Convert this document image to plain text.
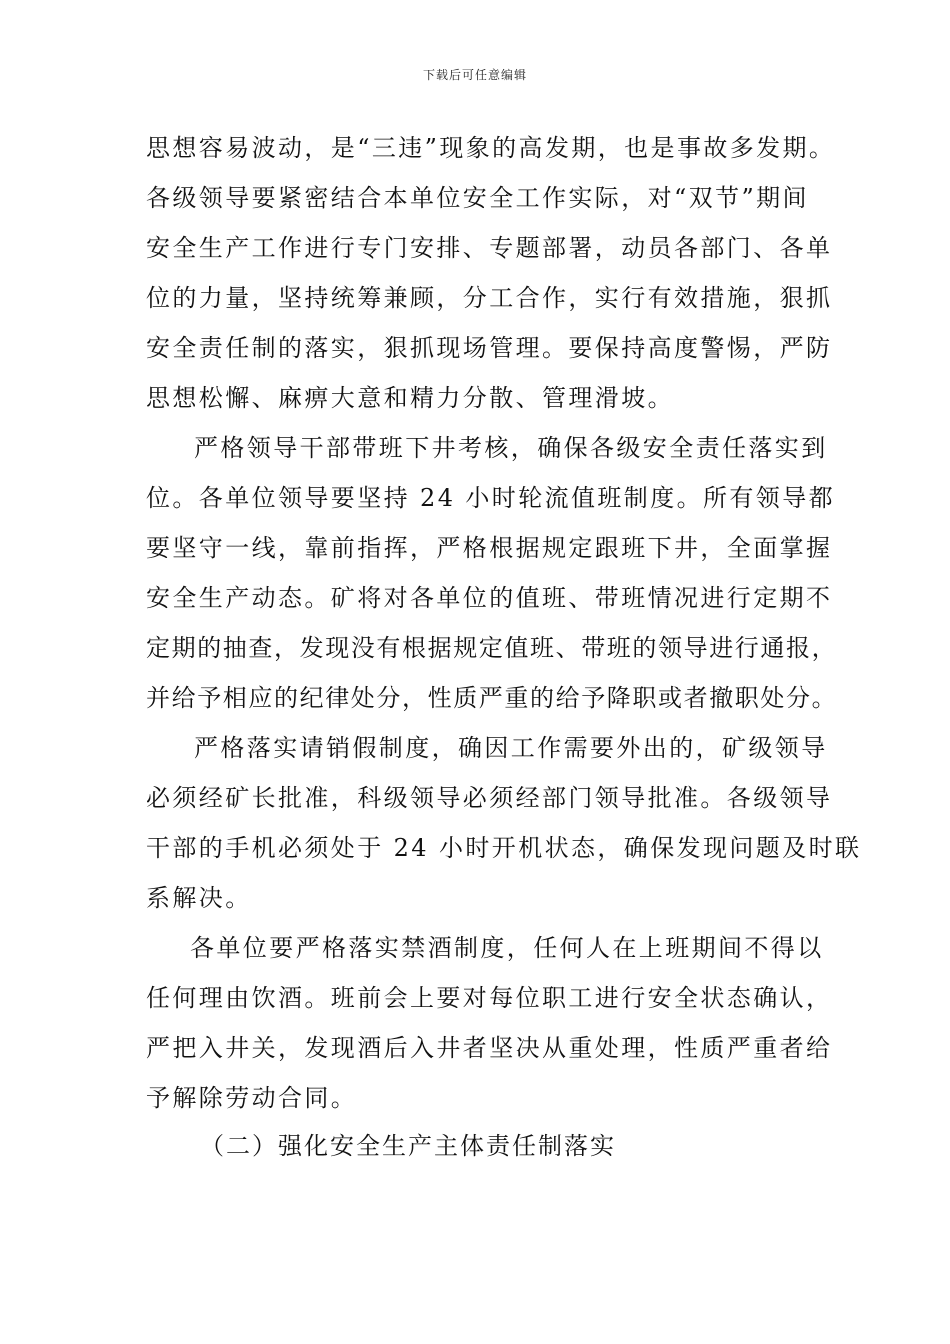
下载后可任意编辑
思想容易波动，是“三违”现象的高发期，也是事故多发期。
各级领导要紧密结合本单位安全工作实际，对“双节”期间
安全生产工作进行专门安排、专题部署，动员各部门、各单
位的力量，坚持统筹兼顾，分工合作，实行有效措施，狠抓
安全责任制的落实，狠抓现场管理。要保持高度警惕，严防
思想松懈、麻痹大意和精力分散、管理滑坡。
严格领导干部带班下井考核，确保各级安全责任落实到
位。各单位领导要坚持 24 小时轮流值班制度。所有领导都
要坚守一线，靠前指挥，严格根据规定跟班下井，全面掌握
安全生产动态。矿将对各单位的值班、带班情况进行定期不
定期的抽查，发现没有根据规定值班、带班的领导进行通报，
并给予相应的纪律处分，性质严重的给予降职或者撤职处分。
严格落实请销假制度，确因工作需要外出的，矿级领导
必须经矿长批准，科级领导必须经部门领导批准。各级领导
干部的手机必须处于 24 小时开机状态，确保发现问题及时联
系解决。
各单位要严格落实禁酒制度，任何人在上班期间不得以
任何理由饮酒。班前会上要对每位职工进行安全状态确认，
严把入井关，发现酒后入井者坚决从重处理，性质严重者给
予解除劳动合同。
（二）强化安全生产主体责任制落实
